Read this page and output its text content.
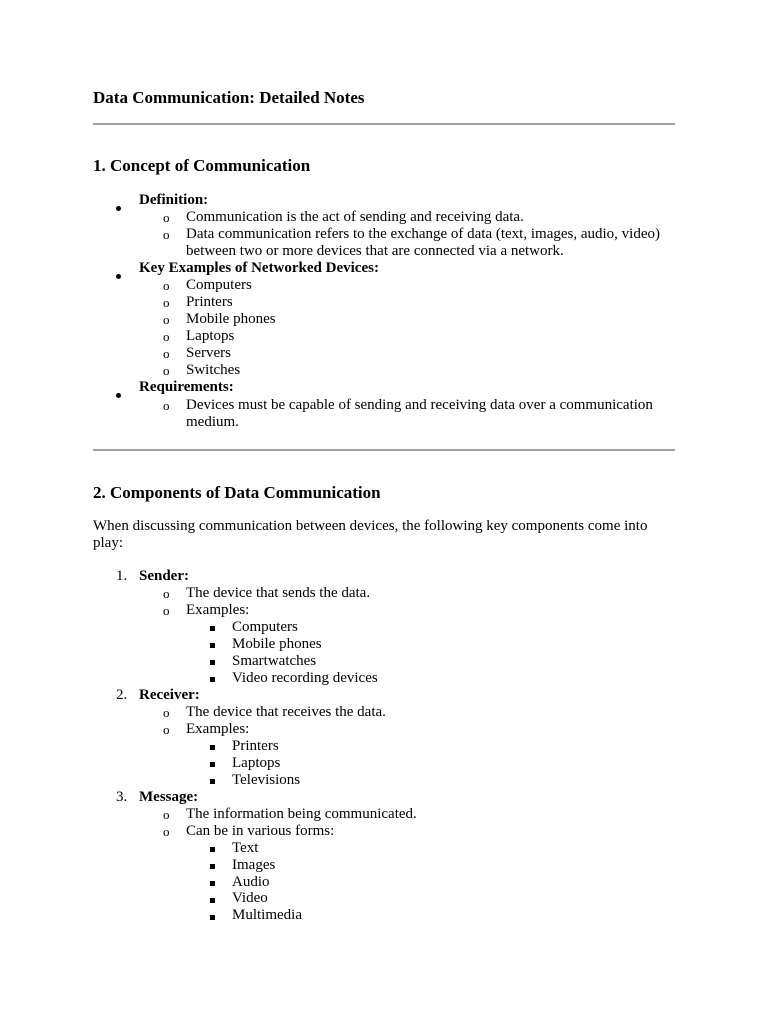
Data Communication: Detailed Notes
1. Concept of Communication
Definition:
o Communication is the act of sending and receiving data.
o Data communication refers to the exchange of data (text, images, audio, video)
between two or more devices that are connected via a network.
Key Examples of Networked Devices:
o Computers
o Printers
o Mobile phones
o Laptops
o Servers
o Switches
Requirements:
o Devices must be capable of sending and receiving data over a communication
medium.
2. Components of Data Communication
When discussing communication between devices, the following key components come into
play:
1. Sender:
o The device that sends the data.
o Examples:
Computers
Mobile phones
Smartwatches
Video recording devices
2. Receiver:
o The device that receives the data.
o Examples:
Printers
Laptops
Televisions
3. Message:
o The information being communicated.
o Can be in various forms:
Text
Images
Audio
Video
Multimedia
